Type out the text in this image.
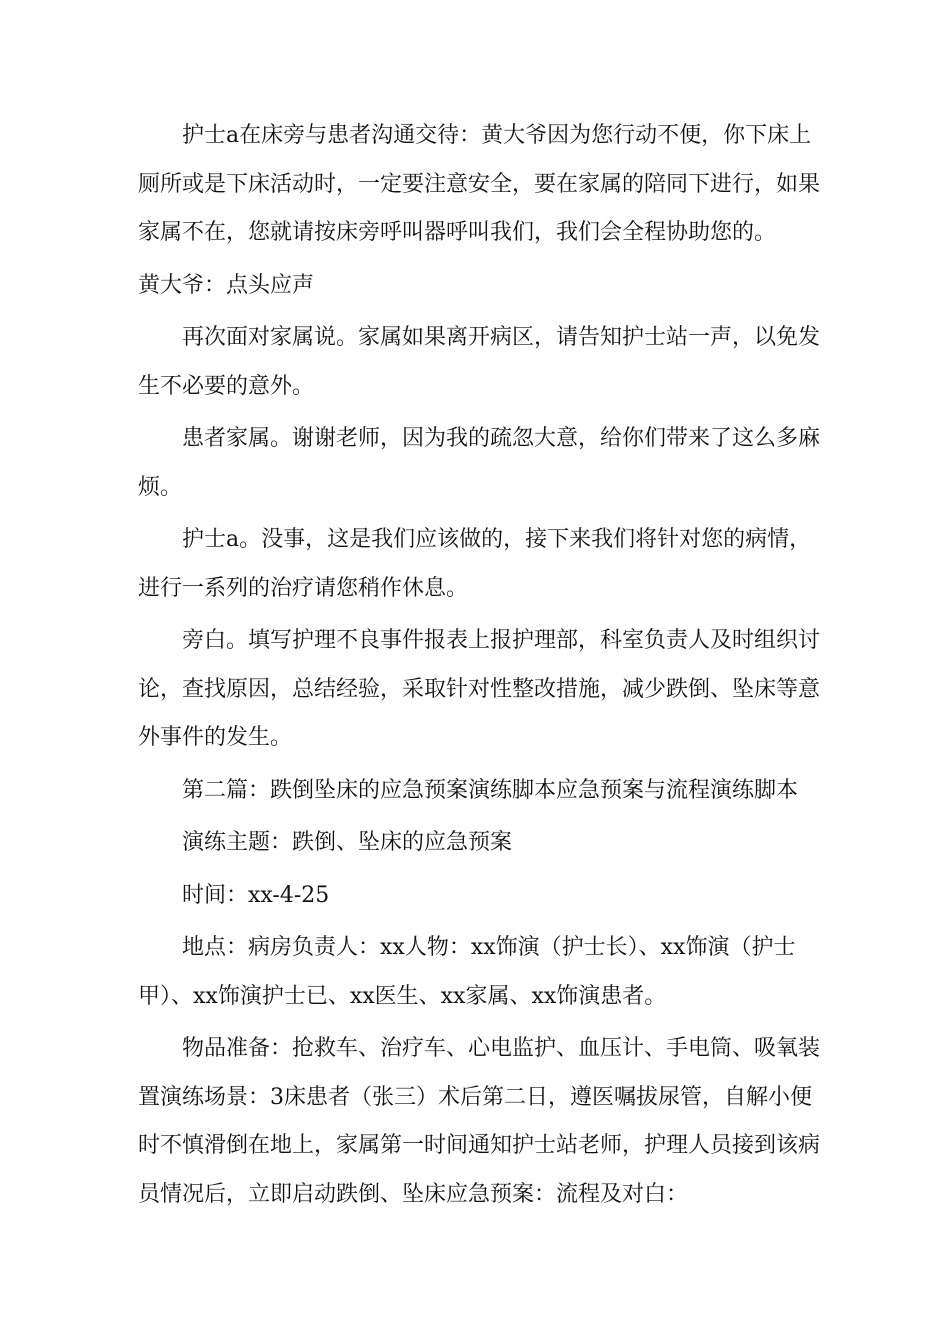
护士a在床旁与患者沟通交待：黄大爷因为您行动不便，你下床上厕所或是下床活动时，一定要注意安全，要在家属的陪同下进行，如果家属不在，您就请按床旁呼叫器呼叫我们，我们会全程协助您的。

黄大爷：点头应声

再次面对家属说。家属如果离开病区，请告知护士站一声，以免发生不必要的意外。

患者家属。谢谢老师，因为我的疏忽大意，给你们带来了这么多麻烦。

护士a。没事，这是我们应该做的，接下来我们将针对您的病情，进行一系列的治疗请您稍作休息。

旁白。填写护理不良事件报表上报护理部，科室负责人及时组织讨论，查找原因，总结经验，采取针对性整改措施，减少跌倒、坠床等意外事件的发生。

第二篇：跌倒坠床的应急预案演练脚本应急预案与流程演练脚本

演练主题：跌倒、坠床的应急预案

时间：xx-4-25

地点：病房负责人：xx人物：xx饰演（护士长）、xx饰演（护士甲）、xx饰演护士已、xx医生、xx家属、xx饰演患者。

物品准备：抢救车、治疗车、心电监护、血压计、手电筒、吸氧装置演练场景：3床患者（张三）术后第二日，遵医嘱拔尿管，自解小便时不慎滑倒在地上，家属第一时间通知护士站老师，护理人员接到该病员情况后，立即启动跌倒、坠床应急预案：流程及对白：
